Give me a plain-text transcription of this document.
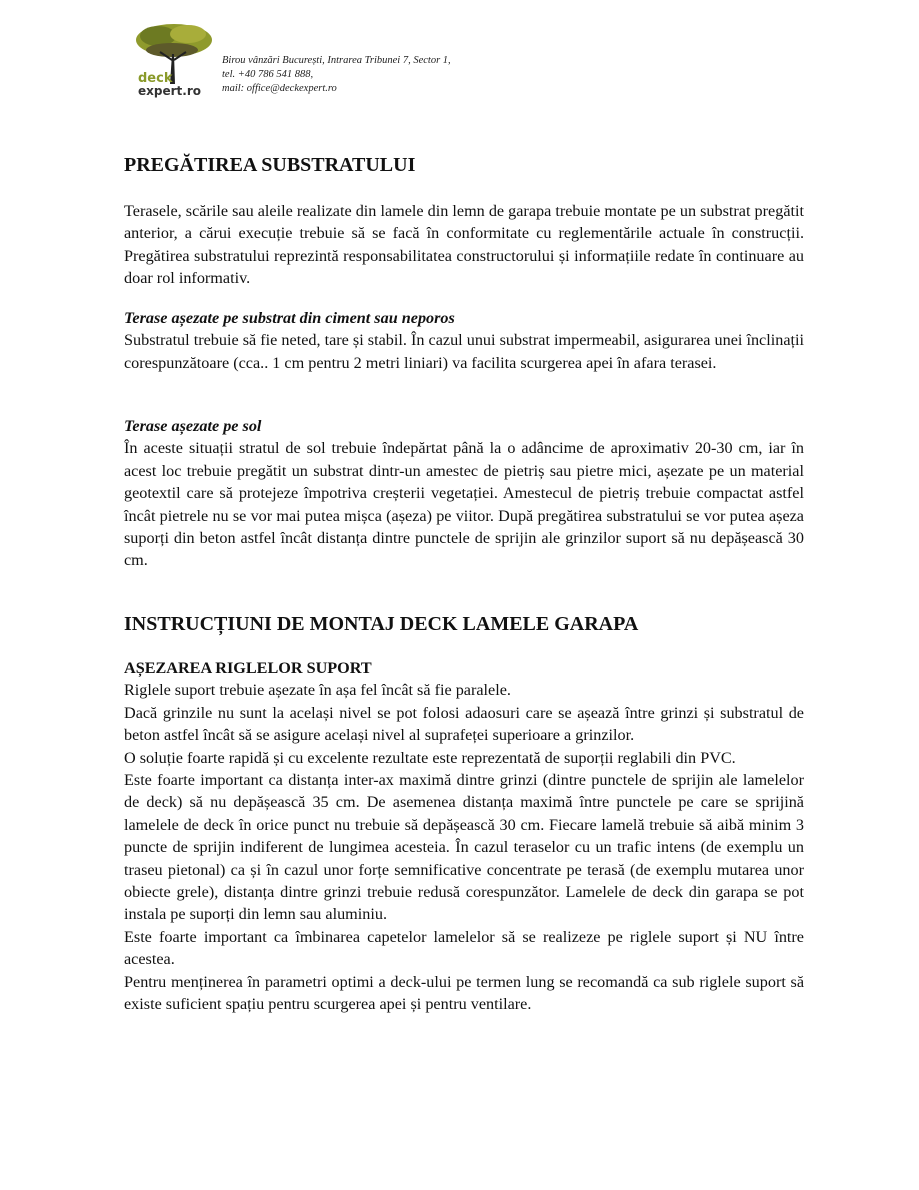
deck
expert.ro
Birou vânzări București, Intrarea Tribunei 7, Sector 1,
tel. +40 786 541 888,
mail: office@deckexpert.ro
PREGĂTIREA SUBSTRATULUI
Terasele, scările sau aleile realizate din lamele din lemn de garapa trebuie montate pe un substrat pregătit anterior, a cărui execuție trebuie să se facă în conformitate cu reglementările actuale în construcții. Pregătirea substratului reprezintă responsabilitatea constructorului și informațiile redate în continuare au doar rol informativ.

Terase așezate pe substrat din ciment sau neporos

Substratul trebuie să fie neted, tare și stabil. În cazul unui substrat impermeabil, asigurarea unei înclinații corespunzătoare (cca.. 1 cm pentru 2 metri liniari) va facilita scurgerea apei în afara terasei.

Terase așezate pe sol

În aceste situații stratul de sol trebuie îndepărtat până la o adâncime de aproximativ 20-30 cm, iar în acest loc trebuie pregătit un substrat dintr-un amestec de pietriș sau pietre mici, așezate pe un material geotextil care să protejeze împotriva creșterii vegetației. Amestecul de pietriș trebuie compactat astfel încât pietrele nu se vor mai putea mișca (așeza) pe viitor. După pregătirea substratului se vor putea așeza suporți din beton astfel încât distanța dintre punctele de sprijin ale grinzilor suport să nu depășească 30 cm.

INSTRUCȚIUNI DE MONTAJ DECK LAMELE GARAPA

AȘEZAREA RIGLELOR SUPORT

Riglele suport trebuie așezate în așa fel încât să fie paralele.

Dacă grinzile nu sunt la același nivel se pot folosi adaosuri care se așează între grinzi și substratul de beton astfel încât să se asigure același nivel al suprafeței superioare a grinzilor.

O soluție foarte rapidă și cu excelente rezultate este reprezentată de suporții reglabili din PVC.

Este foarte important ca distanța inter-ax maximă dintre grinzi (dintre punctele de sprijin ale lamelelor de deck) să nu depășească 35 cm. De asemenea distanța maximă între punctele pe care se sprijină lamelele de deck în orice punct nu trebuie să depășească 30 cm. Fiecare lamelă trebuie să aibă minim 3 puncte de sprijin indiferent de lungimea acesteia. În cazul teraselor cu un trafic intens (de exemplu un traseu pietonal) ca și în cazul unor forțe semnificative concentrate pe terasă (de exemplu mutarea unor obiecte grele), distanța dintre grinzi trebuie redusă corespunzător. Lamelele de deck din garapa se pot instala pe suporți din lemn sau aluminiu.

Este foarte important ca îmbinarea capetelor lamelelor să se realizeze pe riglele suport și NU între acestea.

Pentru menținerea în parametri optimi a deck-ului pe termen lung se recomandă ca sub riglele suport să existe suficient spațiu pentru scurgerea apei și pentru ventilare.
